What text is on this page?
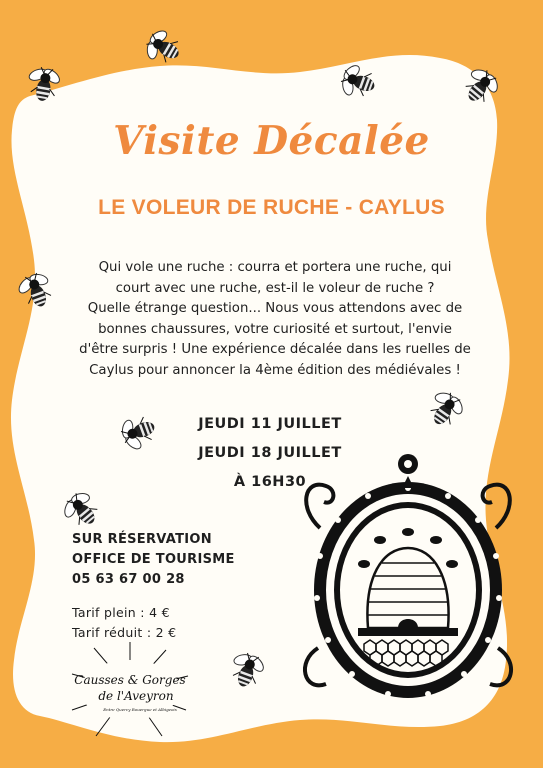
Visite Décalée
LE VOLEUR DE RUCHE - CAYLUS
Qui vole une ruche : courra et portera une ruche, qui
court avec une ruche, est-il le voleur de ruche ?
Quelle étrange question... Nous vous attendons avec de
bonnes chaussures, votre curiosité et surtout, l'envie
d'être surpris ! Une expérience décalée dans les ruelles de
Caylus pour annoncer la 4ème édition des médiévales !
JEUDI 11 JUILLET
JEUDI 18 JUILLET
À 16H30
SUR RÉSERVATION
OFFICE DE TOURISME
05 63 67 00 28
Tarif plein : 4 €
Tarif réduit : 2 €
Causses & Gorges
de l'Aveyron
Entre Quercy Rouergue et Albigeois
